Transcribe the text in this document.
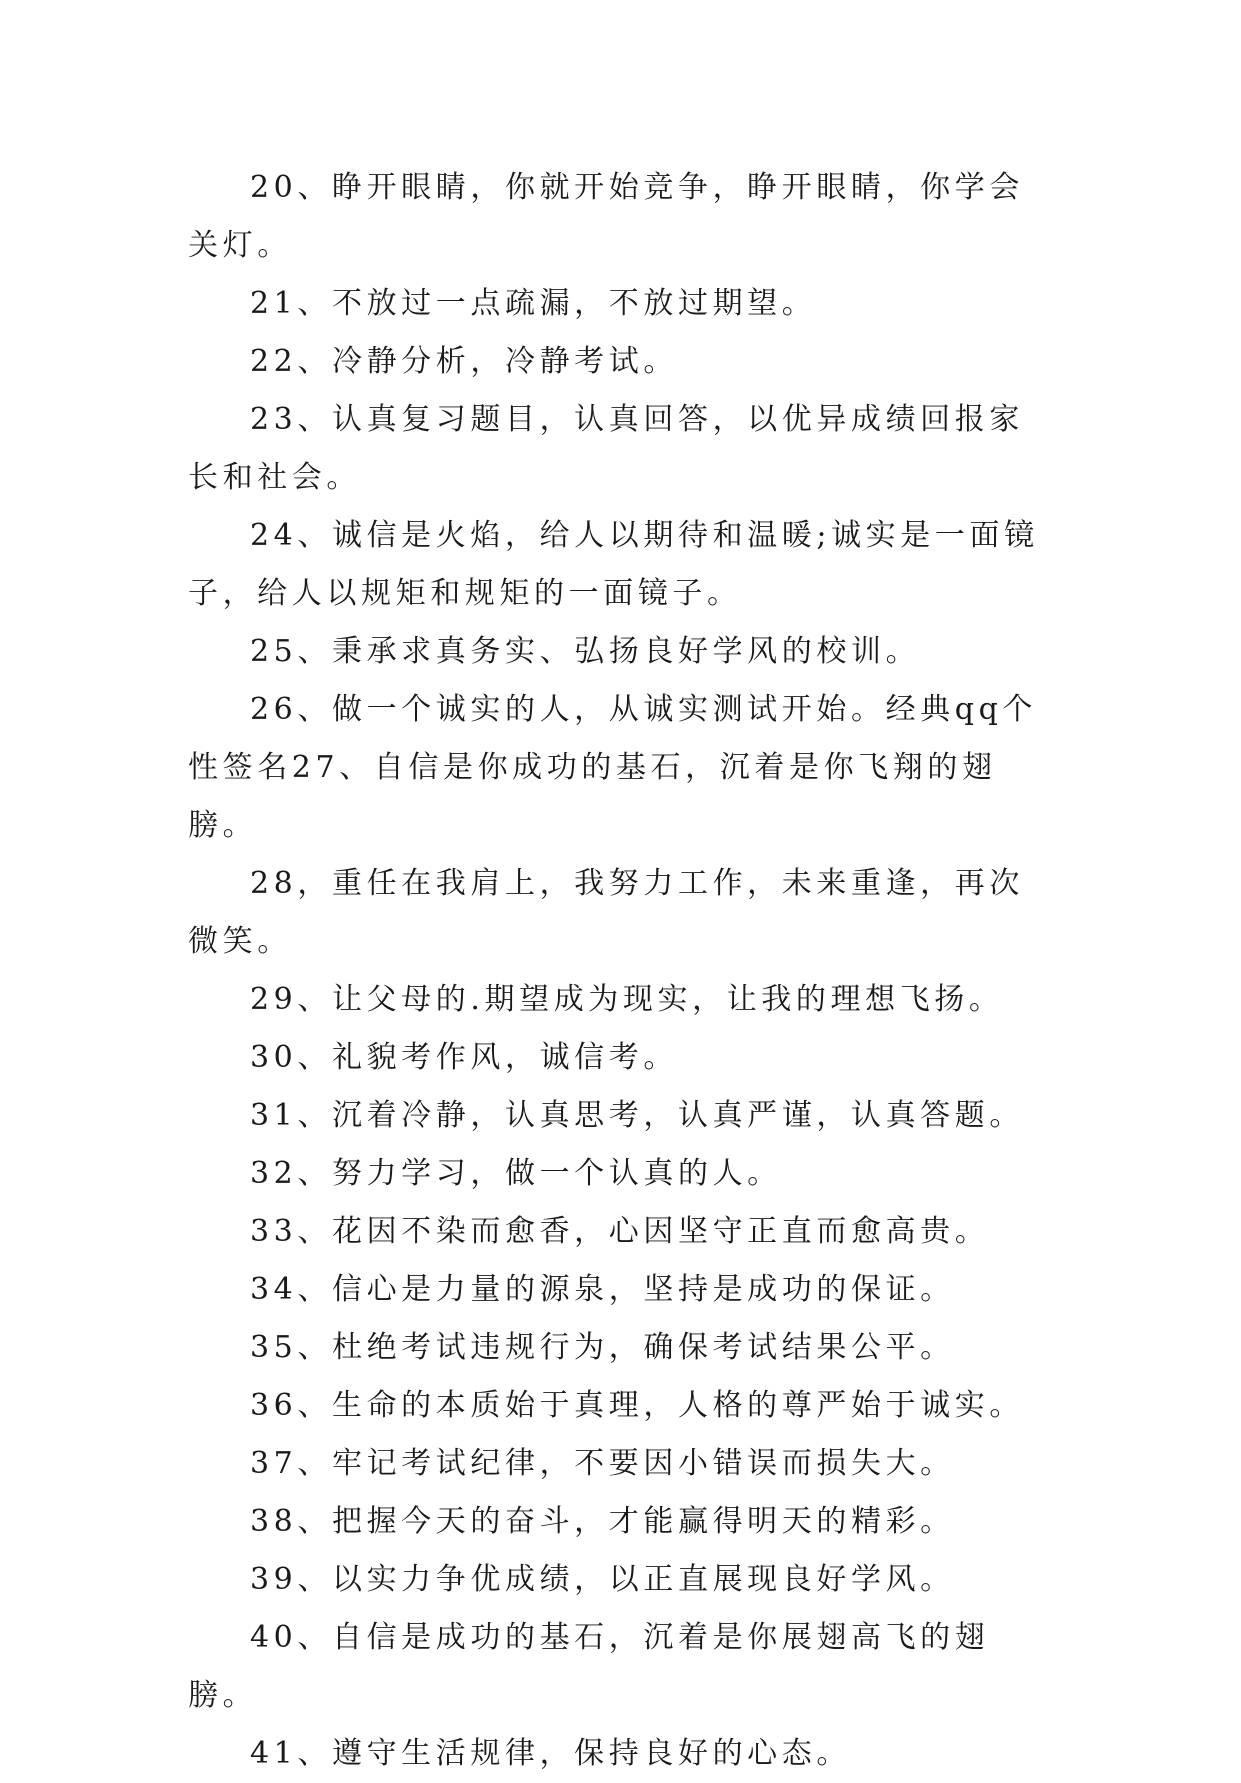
20、睁开眼睛，你就开始竞争，睁开眼睛，你学会关灯。

21、不放过一点疏漏，不放过期望。

22、冷静分析，冷静考试。

23、认真复习题目，认真回答，以优异成绩回报家长和社会。

24、诚信是火焰，给人以期待和温暖;诚实是一面镜子，给人以规矩和规矩的一面镜子。

25、秉承求真务实、弘扬良好学风的校训。

26、做一个诚实的人，从诚实测试开始。经典qq个性签名27、自信是你成功的基石，沉着是你飞翔的翅膀。

28，重任在我肩上，我努力工作，未来重逢，再次微笑。

29、让父母的.期望成为现实，让我的理想飞扬。

30、礼貌考作风，诚信考。

31、沉着冷静，认真思考，认真严谨，认真答题。

32、努力学习，做一个认真的人。

33、花因不染而愈香，心因坚守正直而愈高贵。

34、信心是力量的源泉，坚持是成功的保证。

35、杜绝考试违规行为，确保考试结果公平。

36、生命的本质始于真理，人格的尊严始于诚实。

37、牢记考试纪律，不要因小错误而损失大。

38、把握今天的奋斗，才能赢得明天的精彩。

39、以实力争优成绩，以正直展现良好学风。

40、自信是成功的基石，沉着是你展翅高飞的翅膀。

41、遵守生活规律，保持良好的心态。
